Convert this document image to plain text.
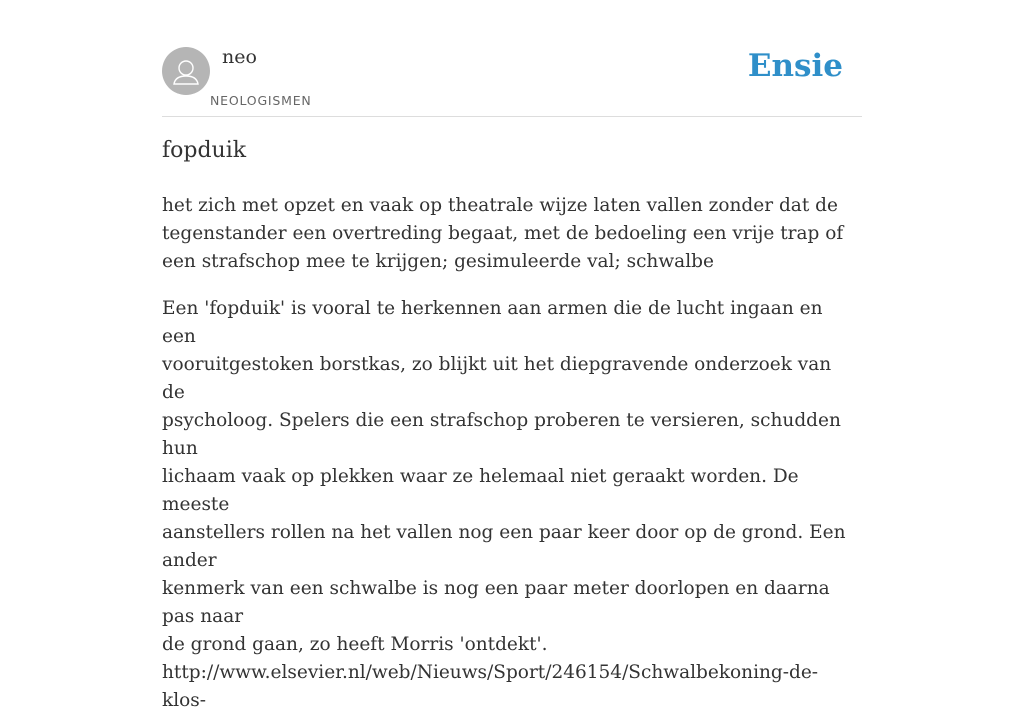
neo
NEOLOGISMEN
Ensie
fopduik

het zich met opzet en vaak op theatrale wijze laten vallen zonder dat de tegenstander een overtreding begaat, met de bedoeling een vrije trap of een strafschop mee te krijgen; gesimuleerde val; schwalbe

Een 'fopduik' is vooral te herkennen aan armen die de lucht ingaan en een
vooruitgestoken borstkas, zo blijkt uit het diepgravende onderzoek van de
psycholoog. Spelers die een strafschop proberen te versieren, schudden hun
lichaam vaak op plekken waar ze helemaal niet geraakt worden. De meeste
aanstellers rollen na het vallen nog een paar keer door op de grond. Een ander
kenmerk van een schwalbe is nog een paar meter doorlopen en daarna pas naar
de grond gaan, zo heeft Morris 'ontdekt'.
http://www.elsevier.nl/web/Nieuws/Sport/246154/Schwalbekoning-de-klos-
